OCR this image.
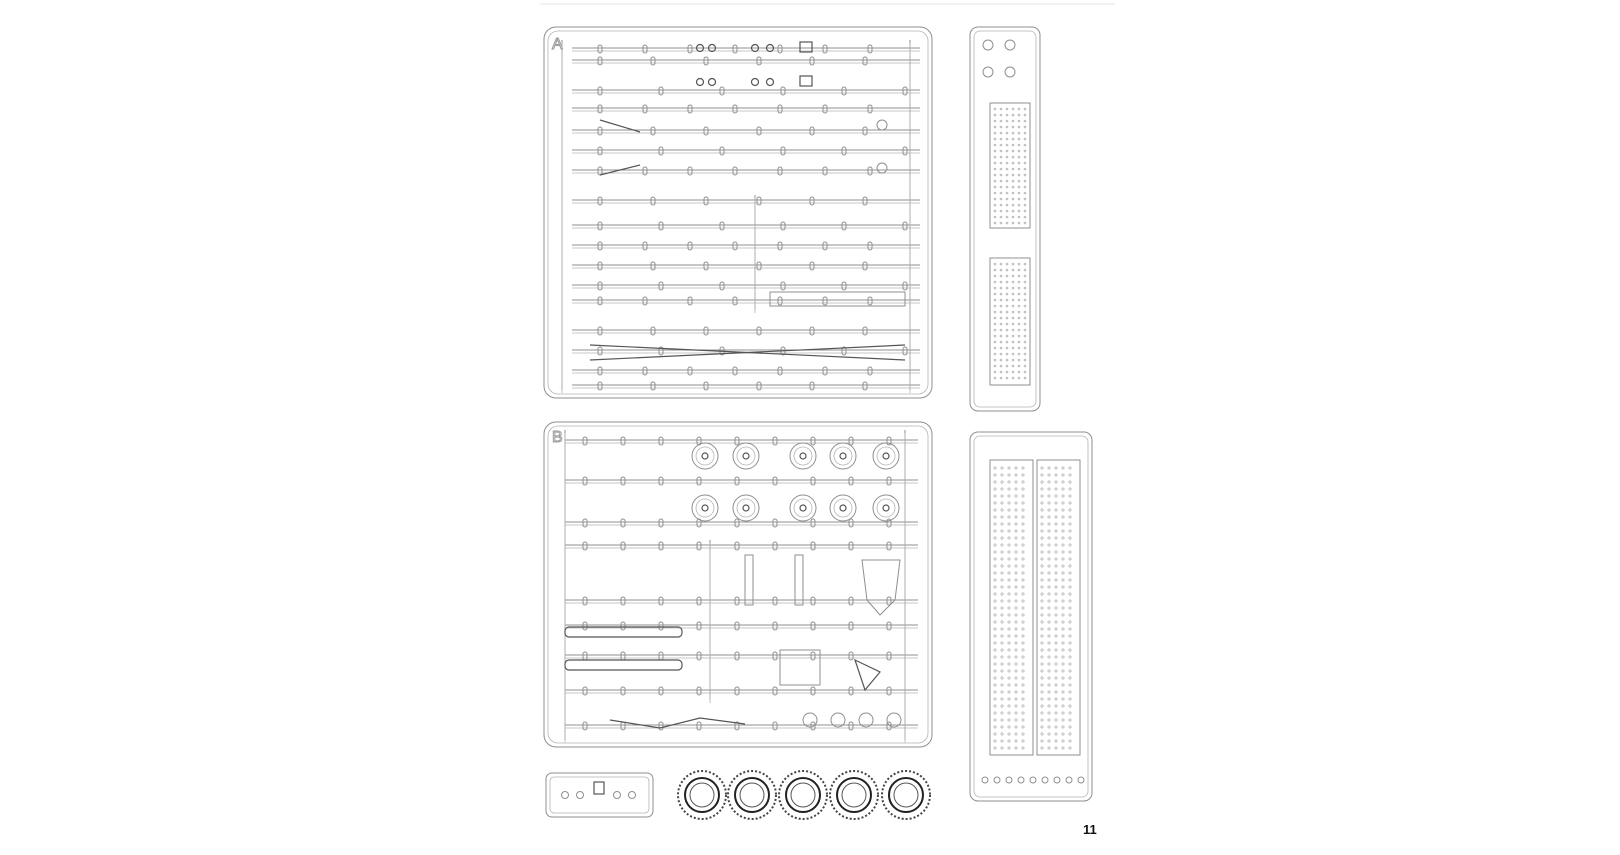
A
B
11
